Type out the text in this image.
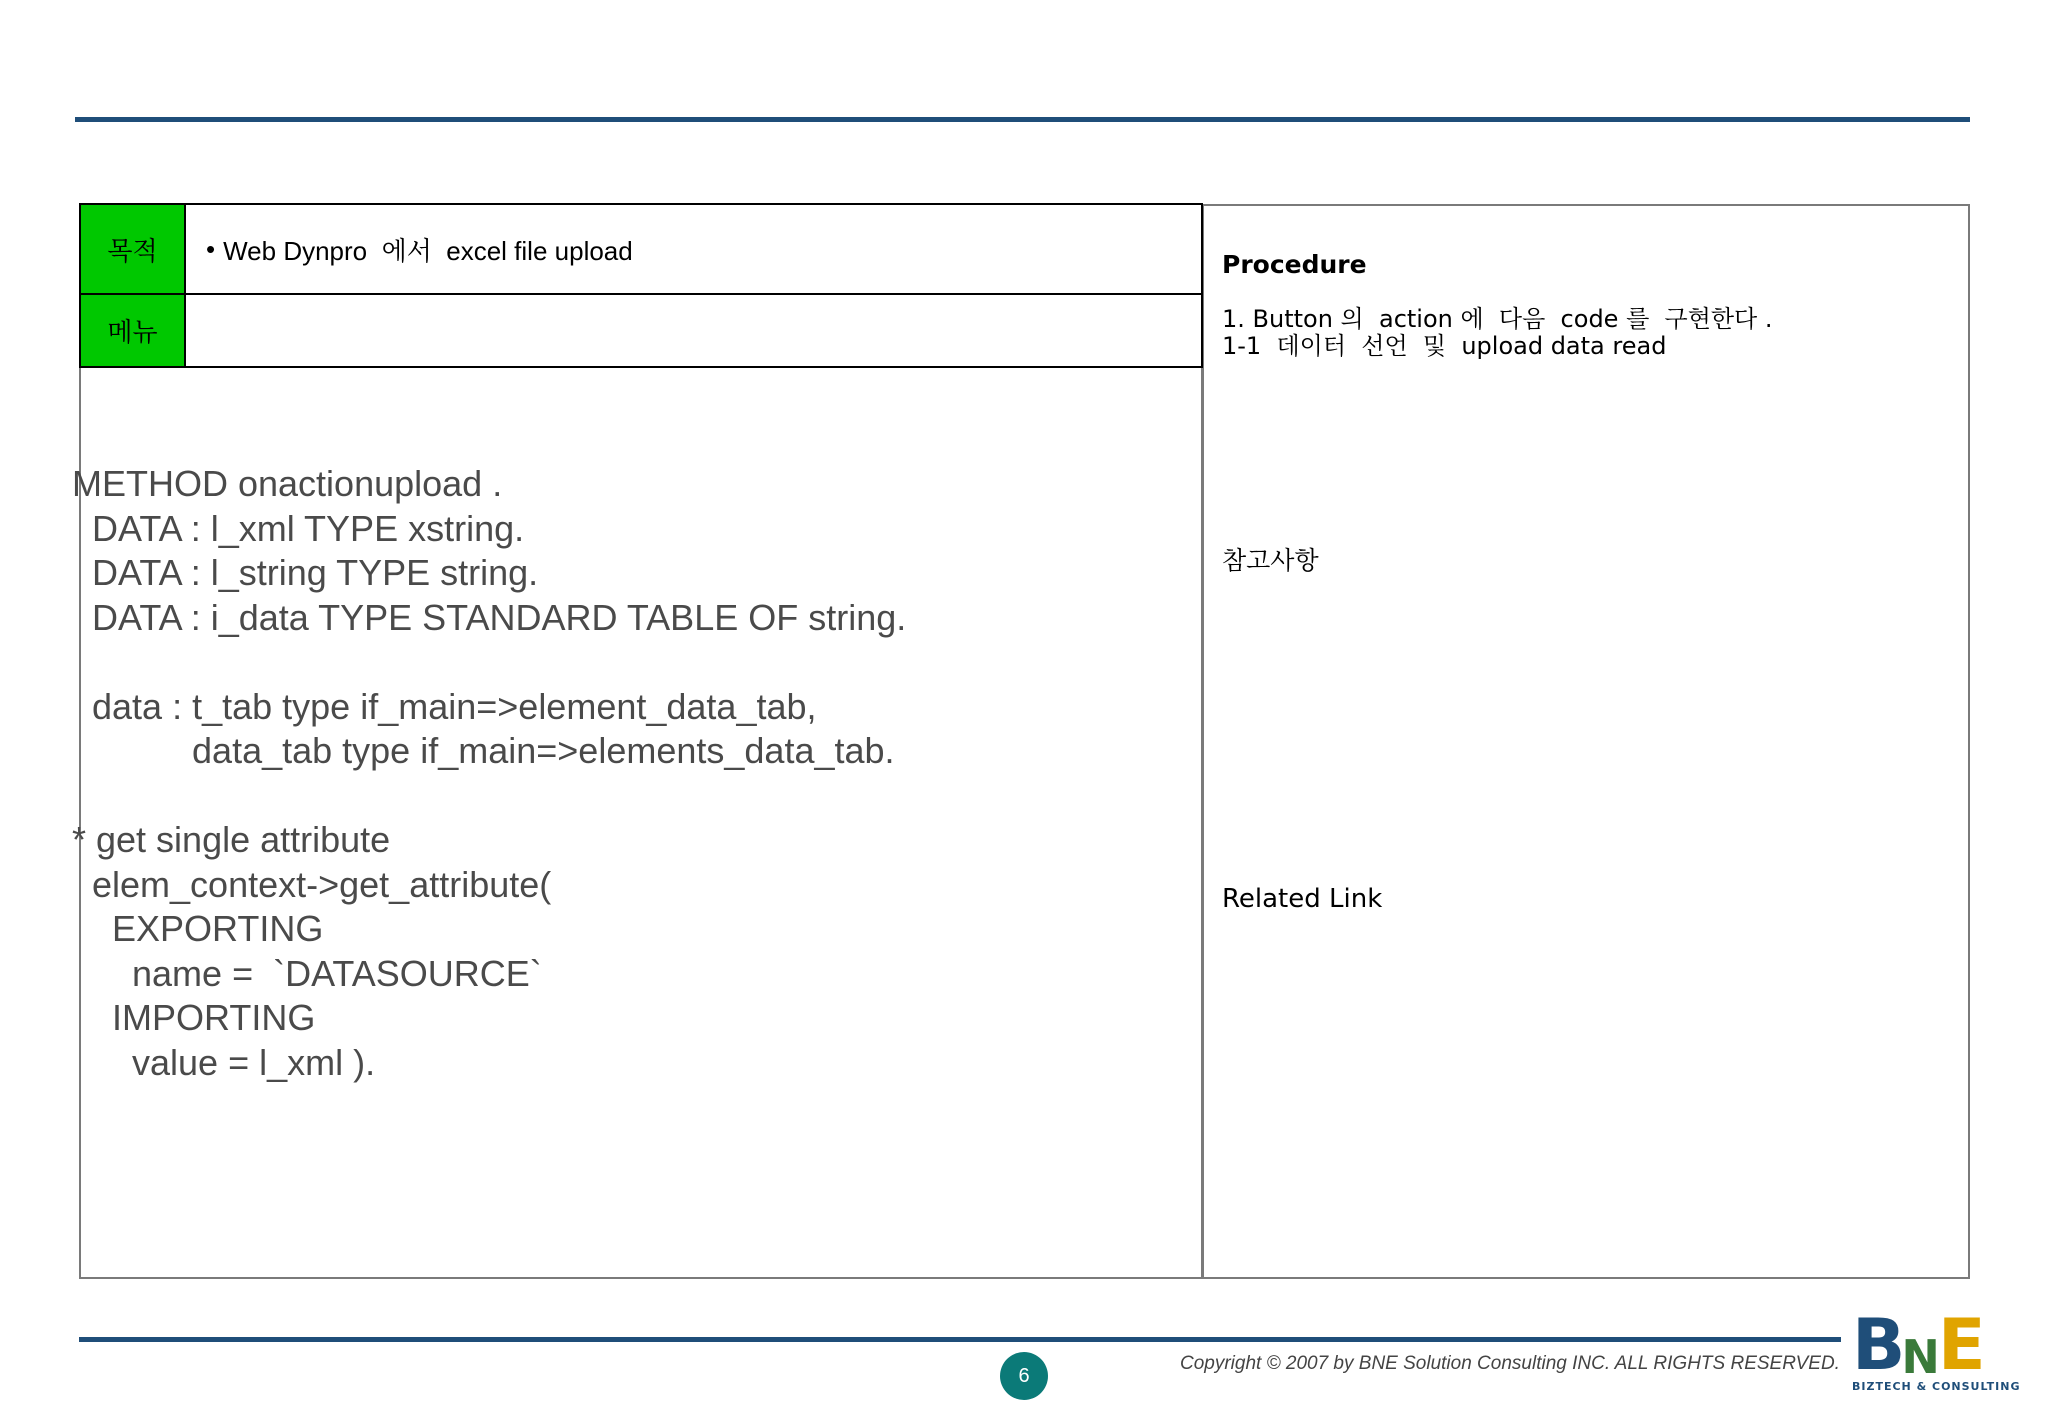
목적	• Web Dynpro  에서  excel file upload
메뉴
METHOD onactionupload .
DATA : l_xml TYPE xstring.
DATA : l_string TYPE string.
DATA : i_data TYPE STANDARD TABLE OF string.

data : t_tab type if_main=>element_data_tab,
data_tab type if_main=>elements_data_tab.

* get single attribute
elem_context->get_attribute(
EXPORTING
name =  `DATASOURCE`
IMPORTING
value = l_xml ).
Procedure
1. Button 의  action 에  다음  code 를  구현한다 .
1-1  데이터  선언  및  upload data read
참고사항
Related Link
6
Copyright © 2007 by BNE Solution Consulting INC. ALL RIGHTS RESERVED. B
N
E
BIZTECH & CONSULTING
